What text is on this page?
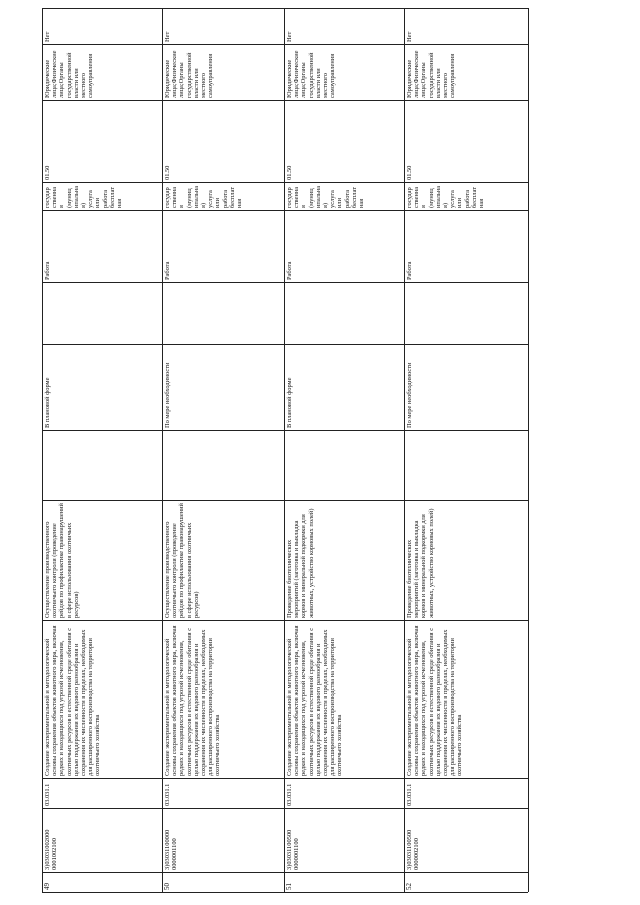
49
3)03031002000 0001002100
03.031.1
Создание экспериментальной и методологической основы сохранения объектов животного мира, включая редких и находящихся под угрозой исчезновения, охотничьих ресурсов в естественной среде обитания с целью поддержания их видового разнообразия и сохранения их численности в пределах, необходимых для расширенного воспроизводства на территории охотничьего хозяйства
Осуществление производственного охотничьего контроля (проведение рейдов по профилактике правонарушений в сфере использования охотничьих ресурсов)
В плановой форме
Работа
государственная (муниципальная) услуга или работа бесплатная
01.50
Юридические лица;Физические лица;Органы государственной власти или местного самоуправления
Нет
50
3)03031100000 0000001100
03.031.1
Создание экспериментальной и методологической основы сохранения объектов животного мира, включая редких и находящихся под угрозой исчезновения, охотничьих ресурсов в естественной среде обитания с целью поддержания их видового разнообразия и сохранения их численности в пределах, необходимых для расширенного воспроизводства на территории охотничьего хозяйства
Осуществление производственного охотничьего контроля (проведение рейдов по профилактике правонарушений в сфере использования охотничьих ресурсов)
По мере необходимости
Работа
государственная (муниципальная) услуга или работа бесплатная
01.50
Юридические лица;Физические лица;Органы государственной власти или местного самоуправления
Нет
51
3)03031100500 0000001100
03.031.1
Создание экспериментальной и методологической основы сохранения объектов животного мира, включая редких и находящихся под угрозой исчезновения, охотничьих ресурсов в естественной среде обитания с целью поддержания их видового разнообразия и сохранения их численности в пределах, необходимых для расширенного воспроизводства на территории охотничьего хозяйства
Проведение биотехнических мероприятий (заготовка и выкладка кормов и минеральной подкормки для животных, устройство кормовых полей)
В плановой форме
Работа
государственная (муниципальная) услуга или работа бесплатная
01.50
Юридические лица;Физические лица;Органы государственной власти или местного самоуправления
Нет
52
3)03031100500 0000002100
03.031.1
Создание экспериментальной и методологической основы сохранения объектов животного мира, включая редких и находящихся под угрозой исчезновения, охотничьих ресурсов в естественной среде обитания с целью поддержания их видового разнообразия и сохранения их численности в пределах, необходимых для расширенного воспроизводства на территории охотничьего хозяйства
Проведение биотехнических мероприятий (заготовка и выкладка кормов и минеральной подкормки для животных, устройство кормовых полей)
По мере необходимости
Работа
государственная (муниципальная) услуга или работа бесплатная
01.50
Юридические лица;Физические лица;Органы государственной власти или местного самоуправления
Нет
